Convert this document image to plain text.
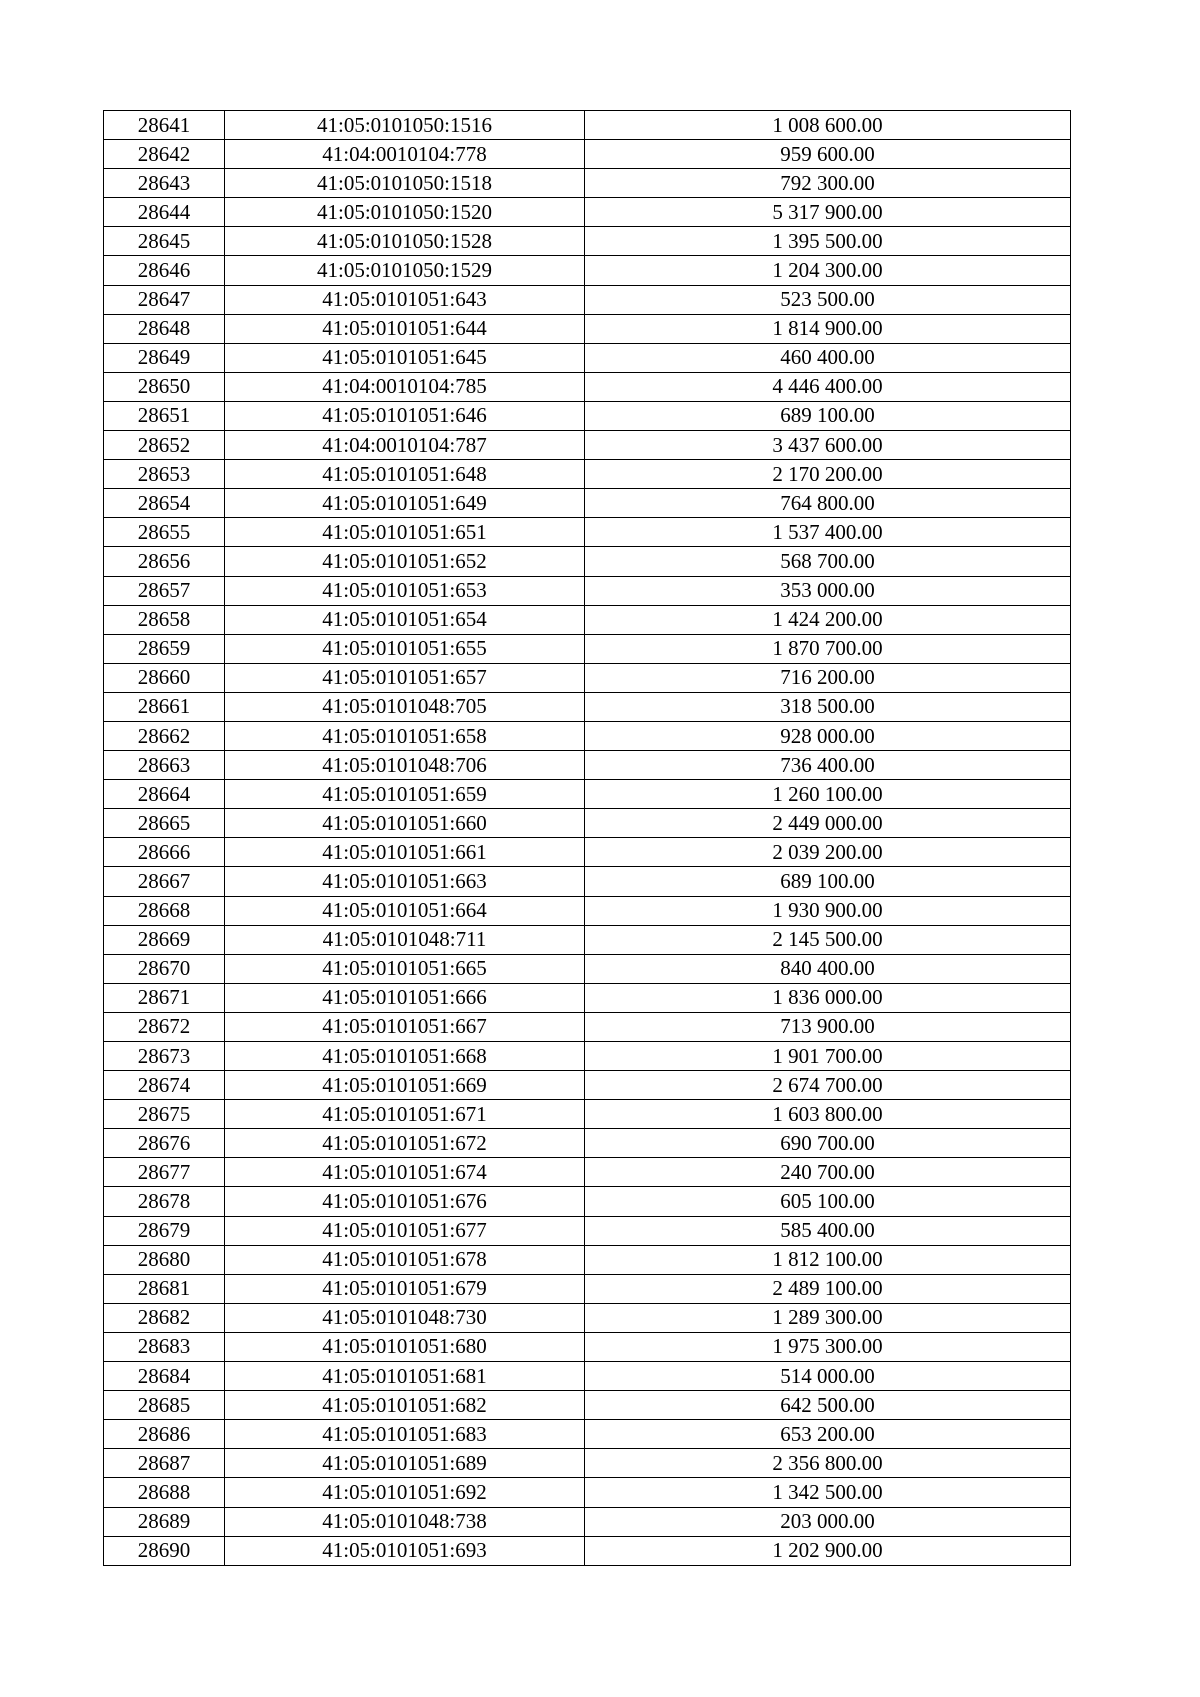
28641	41:05:0101050:1516	1 008 600.00
28642	41:04:0010104:778	959 600.00
28643	41:05:0101050:1518	792 300.00
28644	41:05:0101050:1520	5 317 900.00
28645	41:05:0101050:1528	1 395 500.00
28646	41:05:0101050:1529	1 204 300.00
28647	41:05:0101051:643	523 500.00
28648	41:05:0101051:644	1 814 900.00
28649	41:05:0101051:645	460 400.00
28650	41:04:0010104:785	4 446 400.00
28651	41:05:0101051:646	689 100.00
28652	41:04:0010104:787	3 437 600.00
28653	41:05:0101051:648	2 170 200.00
28654	41:05:0101051:649	764 800.00
28655	41:05:0101051:651	1 537 400.00
28656	41:05:0101051:652	568 700.00
28657	41:05:0101051:653	353 000.00
28658	41:05:0101051:654	1 424 200.00
28659	41:05:0101051:655	1 870 700.00
28660	41:05:0101051:657	716 200.00
28661	41:05:0101048:705	318 500.00
28662	41:05:0101051:658	928 000.00
28663	41:05:0101048:706	736 400.00
28664	41:05:0101051:659	1 260 100.00
28665	41:05:0101051:660	2 449 000.00
28666	41:05:0101051:661	2 039 200.00
28667	41:05:0101051:663	689 100.00
28668	41:05:0101051:664	1 930 900.00
28669	41:05:0101048:711	2 145 500.00
28670	41:05:0101051:665	840 400.00
28671	41:05:0101051:666	1 836 000.00
28672	41:05:0101051:667	713 900.00
28673	41:05:0101051:668	1 901 700.00
28674	41:05:0101051:669	2 674 700.00
28675	41:05:0101051:671	1 603 800.00
28676	41:05:0101051:672	690 700.00
28677	41:05:0101051:674	240 700.00
28678	41:05:0101051:676	605 100.00
28679	41:05:0101051:677	585 400.00
28680	41:05:0101051:678	1 812 100.00
28681	41:05:0101051:679	2 489 100.00
28682	41:05:0101048:730	1 289 300.00
28683	41:05:0101051:680	1 975 300.00
28684	41:05:0101051:681	514 000.00
28685	41:05:0101051:682	642 500.00
28686	41:05:0101051:683	653 200.00
28687	41:05:0101051:689	2 356 800.00
28688	41:05:0101051:692	1 342 500.00
28689	41:05:0101048:738	203 000.00
28690	41:05:0101051:693	1 202 900.00
